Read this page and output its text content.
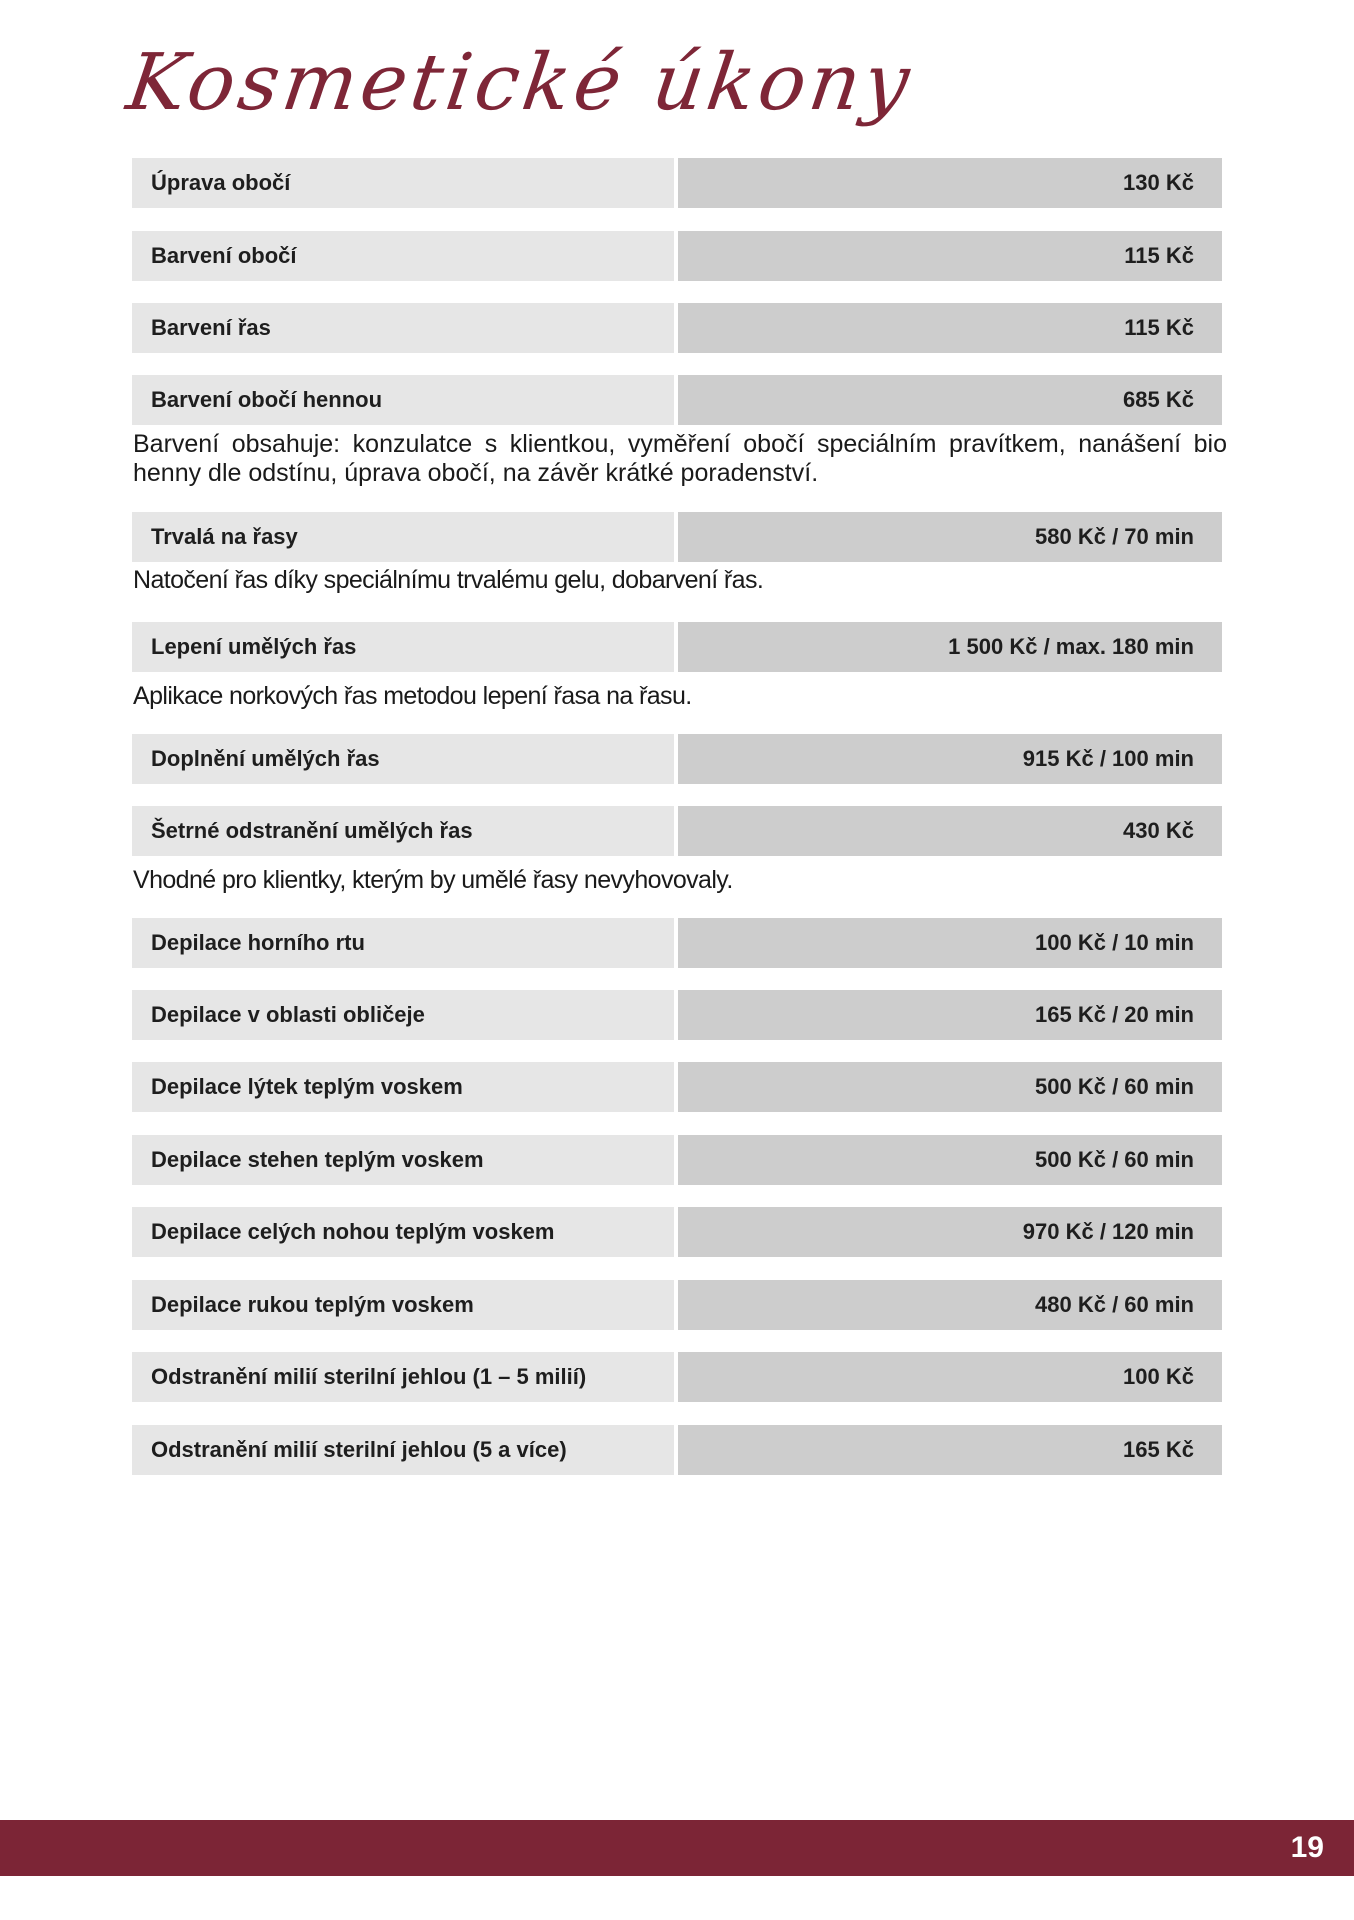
Kosmetické úkony
Úprava obočí	130 Kč
Barvení obočí	115 Kč
Barvení řas	115 Kč
Barvení obočí hennou	685 Kč
Barvení obsahuje: konzulatce s klientkou, vyměření obočí speciálním pravítkem, nanášení bio henny dle odstínu, úprava obočí, na závěr krátké poradenství.
Trvalá na řasy	580 Kč / 70 min
Natočení řas díky speciálnímu trvalému gelu, dobarvení řas.
Lepení umělých řas	1 500 Kč / max. 180 min
Aplikace norkových řas metodou lepení řasa na řasu.
Doplnění umělých řas	915 Kč / 100 min
Šetrné odstranění umělých řas	430 Kč
Vhodné pro klientky, kterým by umělé řasy nevyhovovaly.
Depilace horního rtu	100 Kč / 10 min
Depilace v oblasti obličeje	165 Kč / 20 min
Depilace lýtek teplým voskem	500 Kč / 60 min
Depilace stehen teplým voskem	500 Kč / 60 min
Depilace celých nohou teplým voskem	970 Kč / 120 min
Depilace rukou teplým voskem	480 Kč / 60 min
Odstranění milií sterilní jehlou (1 – 5 milií)	100 Kč
Odstranění milií sterilní jehlou (5 a více)	165 Kč
19
